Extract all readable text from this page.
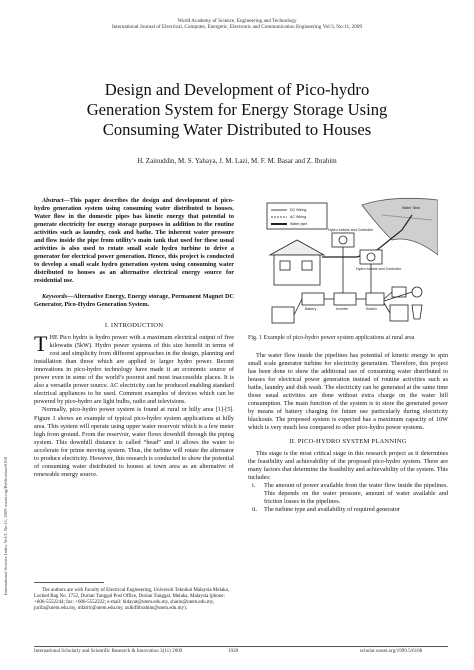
World Academy of Science, Engineering and Technology
International Journal of Electrical, Computer, Energetic, Electronic and Communication Engineering Vol:3, No:11, 2009
Design and Development of Pico-hydro
Generation System for Energy Storage Using
Consuming Water Distributed to Houses
H. Zainuddin, M. S. Yahaya, J. M. Lazi, M. F. M. Basar and Z. Ibrahim
International Science Index Vol:3, No:11, 2009 waset.org/Publication/6168

Abstract—This paper describes the design and development of pico-hydro generation system using consuming water distributed to houses. Water flow in the domestic pipes has kinetic energy that potential to generate electricity for energy storage purposes in addition to the routine activities such as laundry, cook and bathe. The inherent water pressure and flow inside the pipe from utility’s main tank that used for these usual activities is also used to rotate small scale hydro turbine to drive a generator for electrical power generation. Hence, this project is conducted to develop a small scale hydro generation system using consuming water distributed to houses as an alternative electrical energy source for residential use.

Keywords—Alternative Energy, Energy storage, Permanent Magnet DC Generator, Pico-Hydro Generation System.

I. INTRODUCTION

THE Pico hydro is hydro power with a maximum electrical output of five kilowatts (5kW). Hydro power systems of this size benefit in terms of cost and simplicity from different approaches in the design, planning and installation than those which are applied to larger hydro power. Recent innovations in pico-hydro technology have made it an economic source of power even in some of the world’s poorest and most inaccessible places. It is also a versatile power source. AC electricity can be produced enabling standard electrical appliances to be used. Common examples of devices which can be powered by pico-hydro are light bulbs, radio and televisions.

Normally, pico-hydro power system is found at rural or hilly area [1]-[5]. Figure 1 shows an example of typical pico-hydro system applications at hilly area. This system will operate using upper water reservoir which is a few meter high from ground. From the reservoir, water flows downhill through the piping system. This downhill distance is called “head” and it allows the water to accelerate for prime moving system. Thus, the turbine will rotate the alternator to produce electricity. However, this research is conducted to show the potential of consuming water distributed to houses at town area as an alternative of renewable energy source.

The authors are with Faculty of Electrical Engineering, Universiti Teknikal Malaysia Melaka, Locked Bag No. 1752, Durian Tunggal Post Office, Durian Tunggal, Melaka, Malaysia (phone: +606-5552244; fax: +606-5552222; e-mail: hidayat@utem.edu.my, sharin@utem.edu.my, jurifa@utem.edu.my, mfarrir@utem.edu.my, zulkiflibrahim@utem.edu.my).

DC Wiring
AC Wiring
Water pipe
Hydro turbine and Controller
Hydro turbine and Controller
Battery	Inverter	Switch
Water Tank
Fig. 1 Example of pico-hydro power system applications at rural area

The water flow inside the pipelines has potential of kinetic energy to spin small scale generator turbine for electricity generation. Therefore, this project has been done to show the additional use of consuming water distributed to houses for electrical power generation instead of routine activities such as bathe, laundry and dish wash. The electricity can be generated at the same time those usual activities are done without extra charge on the water bill consumption. The main function of the system is to store the generated power by means of battery charging for future use particularly during electricity blackouts. The proposed system is expected has a maximum capacity of 10W which is very much less compared to other pico-hydro power systems.

II. PICO-HYDRO SYSTEM PLANNING

This stage is the most critical stage in this research project as it determines the feasibility and achievability of the proposed pico-hydro system. There are many factors that determine the feasibility and achievability of the system. This includes:

i. The amount of power available from the water flow inside the pipelines. This depends on the water pressure, amount of water available and friction losses in the pipelines.
ii. The turbine type and availability of required generator
International Scholarly and Scientific Research & Innovation 3(11) 2009	1928	scholar.waset.org/1999.5/6168
